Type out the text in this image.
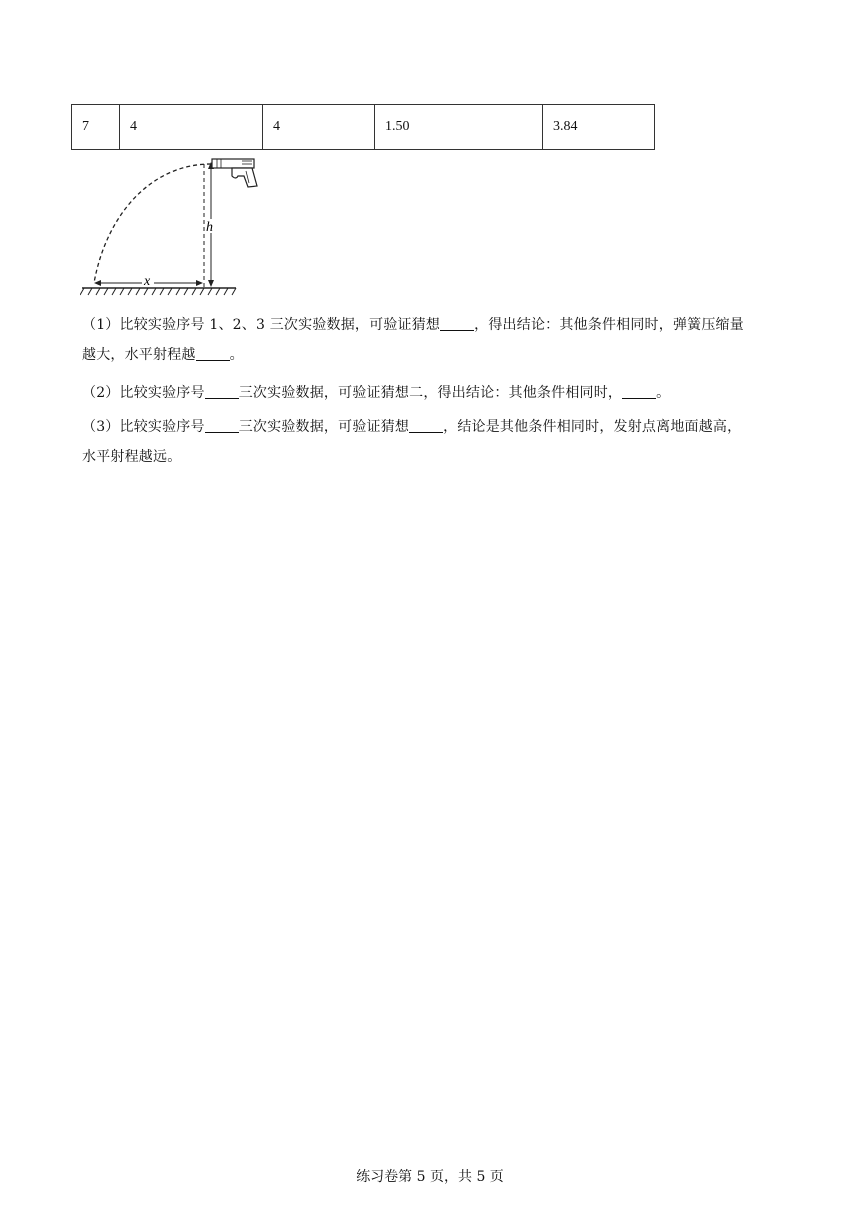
7	4	4	1.50	3.84
h
x
（1）比较实验序号 1、2、3 三次实验数据，可验证猜想 ，得出结论：其他条件相同时，弹簧压缩量
越大，水平射程越 。
（2）比较实验序号 三次实验数据，可验证猜想二，得出结论：其他条件相同时， 。
（3）比较实验序号 三次实验数据，可验证猜想 ，结论是其他条件相同时，发射点离地面越高，
水平射程越远。
练习卷第 5 页，共 5 页
